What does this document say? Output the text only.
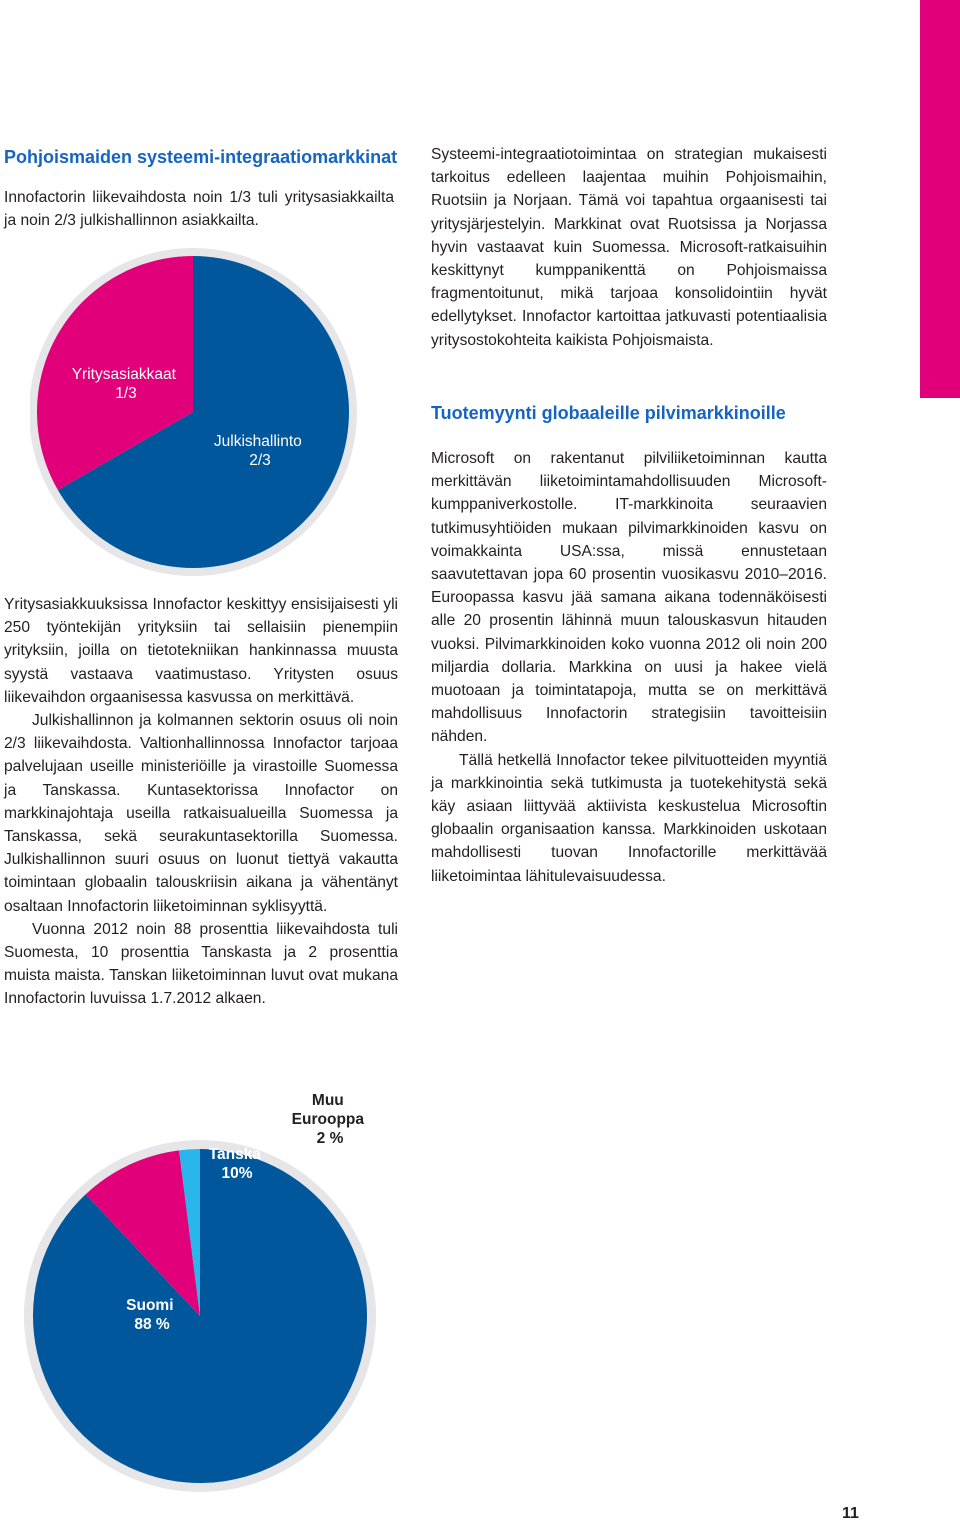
Pohjoismaiden systeemi-integraatiomarkkinat

Innofactorin liikevaihdosta noin 1/3 tuli yritysasiakkailta ja noin 2/3 julkishallinnon asiakkailta.

Yritysasiakkaat 1/3
Julkishallinto 2/3

Yritysasiakkuuksissa Innofactor keskittyy ensisijaisesti yli 250 työntekijän yrityksiin tai sellaisiin pienempiin yrityksiin, joilla on tietotekniikan hankinnassa muusta syystä vastaava vaatimustaso. Yritysten osuus liikevaihdon orgaanisessa kasvussa on merkittävä.

Julkishallinnon ja kolmannen sektorin osuus oli noin 2/3 liikevaihdosta. Valtionhallinnossa Innofactor tarjoaa palvelujaan useille ministeriöille ja virastoille Suomessa ja Tanskassa. Kuntasektorissa Innofactor on markkinajohtaja useilla ratkaisualueilla Suomessa ja Tanskassa, sekä seurakuntasektorilla Suomessa. Julkishallinnon suuri osuus on luonut tiettyä vakautta toimintaan globaalin talouskriisin aikana ja vähentänyt osaltaan Innofactorin liiketoiminnan syklisyyttä.

Vuonna 2012 noin 88 prosenttia liikevaihdosta tuli Suomesta, 10 prosenttia Tanskasta ja 2 prosenttia muista maista. Tanskan liiketoiminnan luvut ovat mukana Innofactorin luvuissa 1.7.2012 alkaen.

Systeemi-integraatiotoimintaa on strategian mukaisesti tarkoitus edelleen laajentaa muihin Pohjoismaihin, Ruotsiin ja Norjaan. Tämä voi tapahtua orgaanisesti tai yritysjärjestelyin. Markkinat ovat Ruotsissa ja Norjassa hyvin vastaavat kuin Suomessa. Microsoft-ratkaisuihin keskittynyt kumppanikenttä on Pohjoismaissa fragmentoitunut, mikä tarjoaa konsolidointiin hyvät edellytykset. Innofactor kartoittaa jatkuvasti potentiaalisia yritysostokohteita kaikista Pohjoismaista.

Tuotemyynti globaaleille pilvimarkkinoille

Microsoft on rakentanut pilviliiketoiminnan kautta merkittävän liiketoimintamahdollisuuden Microsoft-kumppaniverkostolle. IT-markkinoita seuraavien tutkimusyhtiöiden mukaan pilvimarkkinoiden kasvu on voimakkainta USA:ssa, missä ennustetaan saavutettavan jopa 60 prosentin vuosikasvu 2010–2016. Euroopassa kasvu jää samana aikana todennäköisesti alle 20 prosentin lähinnä muun talouskasvun hitauden vuoksi. Pilvimarkkinoiden koko vuonna 2012 oli noin 200 miljardia dollaria. Markkina on uusi ja hakee vielä muotoaan ja toimintatapoja, mutta se on merkittävä mahdollisuus Innofactorin strategisiin tavoitteisiin nähden.

Tällä hetkellä Innofactor tekee pilvituotteiden myyntiä ja markkinointia sekä tutkimusta ja tuotekehitystä sekä käy asiaan liittyvää aktiivista keskustelua Microsoftin globaalin organisaation kanssa. Markkinoiden uskotaan mahdollisesti tuovan Innofactorille merkittävää liiketoimintaa lähitulevaisuudessa.

Tanska 10%
Muu Eurooppa 2 %
Suomi 88 %
11
